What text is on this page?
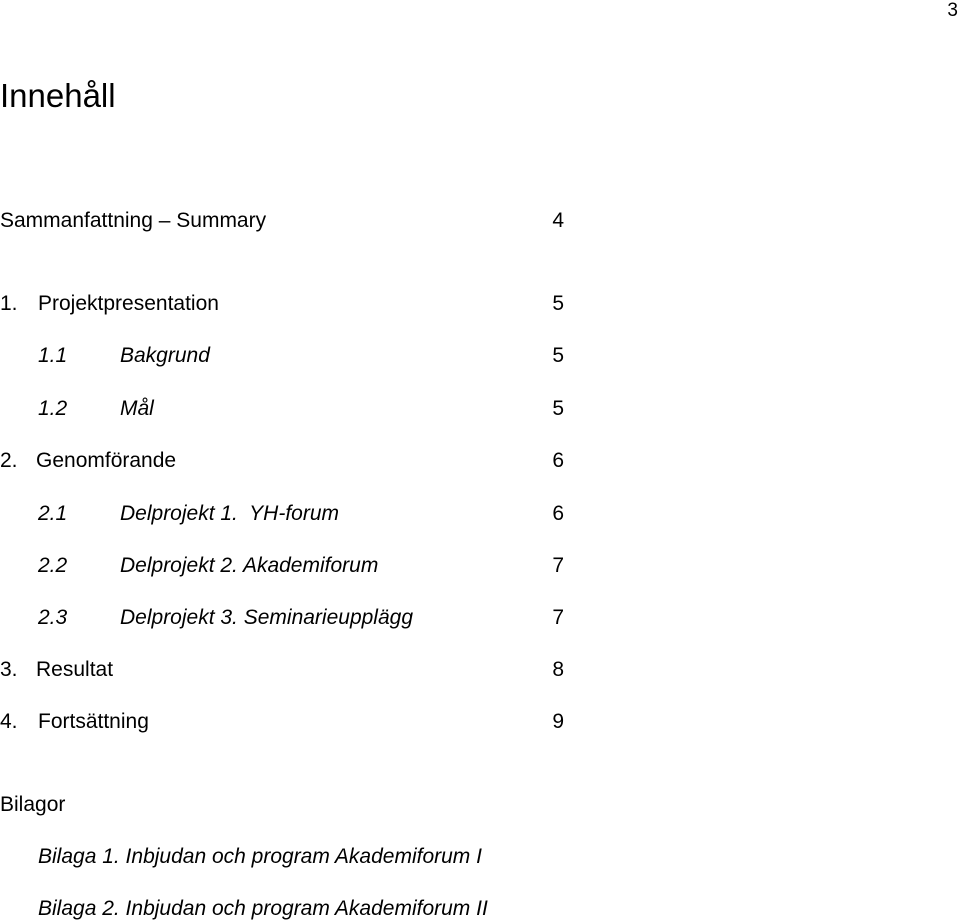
3
Innehåll
Sammanfattning – Summary	4
1. Projektpresentation	5
1.1	Bakgrund	5
1.2	Mål	5
2. Genomförande	6
2.1	Delprojekt 1.  YH-forum	6
2.2	Delprojekt 2. Akademiforum	7
2.3	Delprojekt 3. Seminarieupplägg	7
3. Resultat	8
4. Fortsättning	9
Bilagor
Bilaga 1. Inbjudan och program Akademiforum I
Bilaga 2. Inbjudan och program Akademiforum II
